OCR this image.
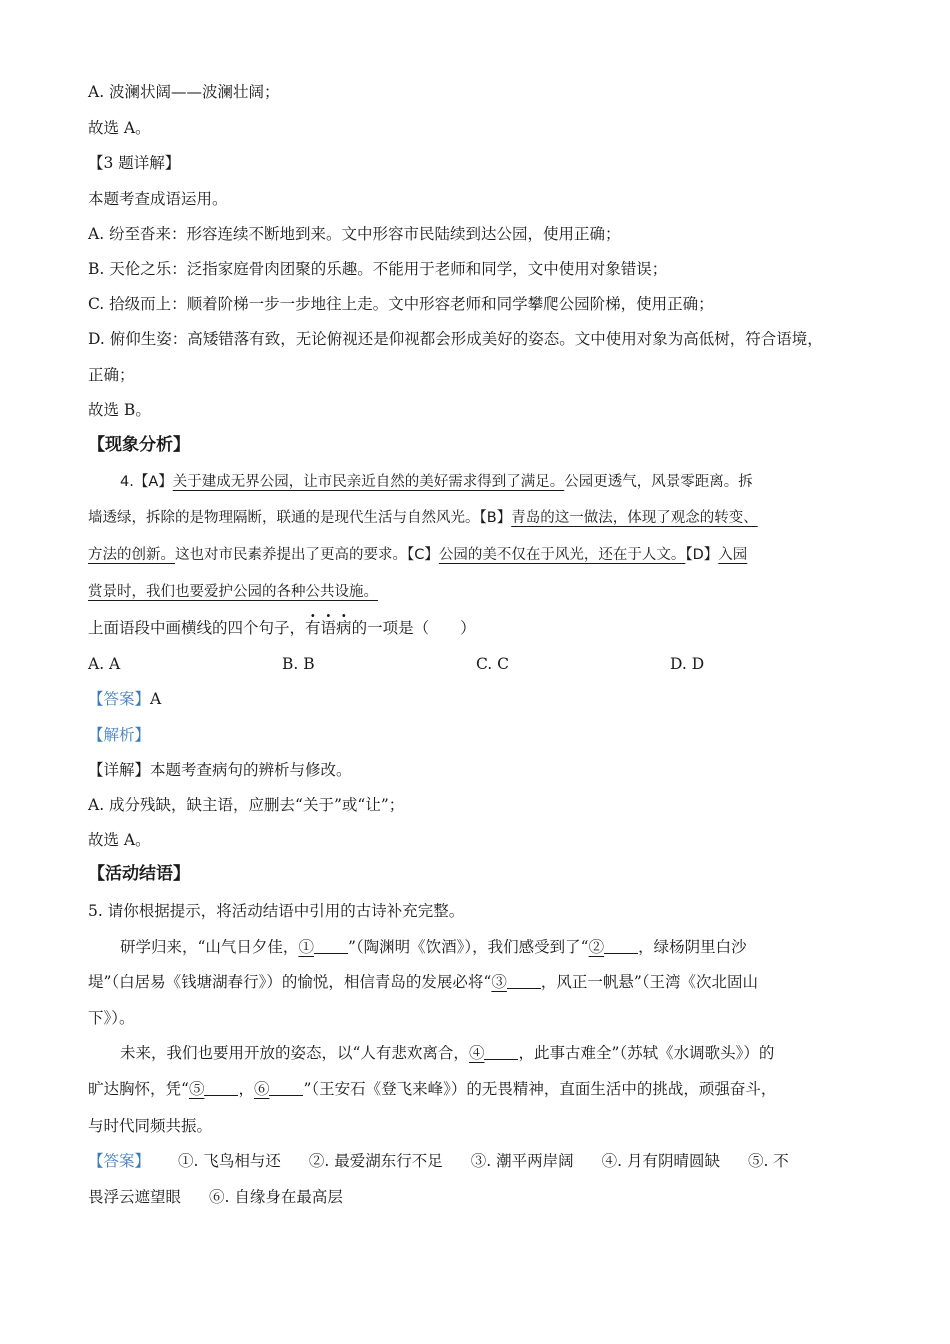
A. 波澜状阔——波澜壮阔；
故选 A。
【3 题详解】
本题考查成语运用。
A. 纷至沓来：形容连续不断地到来。文中形容市民陆续到达公园，使用正确；
B. 天伦之乐：泛指家庭骨肉团聚的乐趣。不能用于老师和同学，文中使用对象错误；
C. 拾级而上：顺着阶梯一步一步地往上走。文中形容老师和同学攀爬公园阶梯，使用正确；
D. 俯仰生姿：高矮错落有致，无论俯视还是仰视都会形成美好的姿态。文中使用对象为高低树，符合语境，
正确；
故选 B。
【现象分析】
4.【A】关于建成无界公园，让市民亲近自然的美好需求得到了满足。公园更透气，风景零距离。拆
墙透绿，拆除的是物理隔断，联通的是现代生活与自然风光。【B】青岛的这一做法，体现了观念的转变、
方法的创新。这也对市民素养提出了更高的要求。【C】公园的美不仅在于风光，还在于人文。【D】入园
赏景时，我们也要爱护公园的各种公共设施。
上面语段中画横线的四个句子，有语病的一项是（　　）
A. A	B. B	C. C	D. D
【答案】A
【解析】
【详解】本题考查病句的辨析与修改。
A. 成分残缺，缺主语，应删去“关于”或“让”；
故选 A。
【活动结语】
5. 请你根据提示，将活动结语中引用的古诗补充完整。
研学归来，“山气日夕佳，① ”（陶渊明《饮酒》），我们感受到了“② ，绿杨阴里白沙
堤”（白居易《钱塘湖春行》）的愉悦，相信青岛的发展必将“③ ，风正一帆悬”（王湾《次北固山
下》）。
未来，我们也要用开放的姿态，以“人有悲欢离合，④ ，此事古难全”（苏轼《水调歌头》）的
旷达胸怀，凭“⑤ ，⑥ ”（王安石《登飞来峰》）的无畏精神，直面生活中的挑战，顽强奋斗，
与时代同频共振。
【答案】 ①. 飞鸟相与还 ②. 最爱湖东行不足 ③. 潮平两岸阔 ④. 月有阴晴圆缺 ⑤. 不
畏浮云遮望眼 ⑥. 自缘身在最高层
